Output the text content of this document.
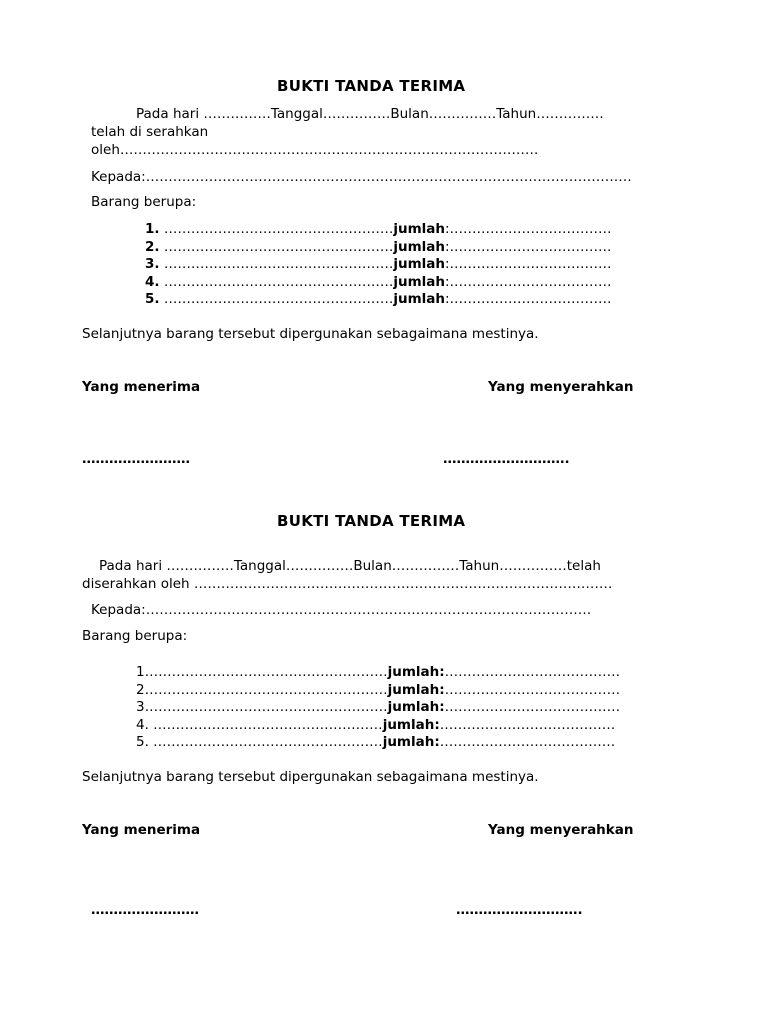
BUKTI TANDA TERIMA
Pada hari ……………Tanggal……………Bulan……………Tahun……………
telah di serahkan
oleh…………………………………………………………………………………
Kepada:………………………………………………………………………………………………
Barang berupa:
1. ……………………………………………jumlah:………………………………
2. ……………………………………………jumlah:………………………………
3. ……………………………………………jumlah:………………………………
4. ……………………………………………jumlah:………………………………
5. ……………………………………………jumlah:………………………………
Selanjutnya barang tersebut dipergunakan sebagaimana mestinya.
Yang menerima	Yang menyerahkan
……………………	……………………….
BUKTI TANDA TERIMA
Pada hari ……………Tanggal……………Bulan……………Tahun……………telah
diserahkan oleh …………………………………………………………………………………
Kepada:………………………………………………………………………………………
Barang berupa:
1………………………………………………jumlah:…………………………………
2………………………………………………jumlah:…………………………………
3………………………………………………jumlah:…………………………………
4. ……………………………………………jumlah:…………………………………
5. ……………………………………………jumlah:…………………………………
Selanjutnya barang tersebut dipergunakan sebagaimana mestinya.
Yang menerima	Yang menyerahkan
……………………	……………………….
